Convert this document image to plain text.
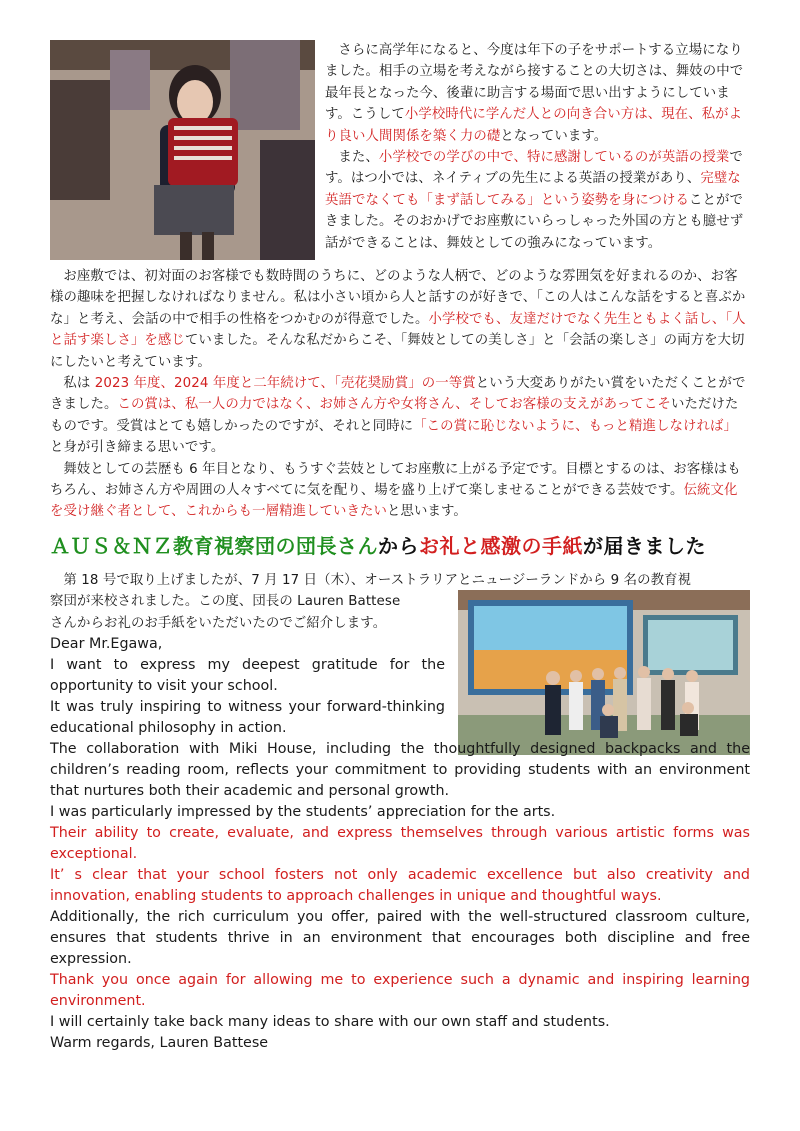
さらに高学年になると、今度は年下の子をサポートする立場になりました。相手の立場を考えながら接することの大切さは、舞妓の中で最年長となった今、後輩に助言する場面で思い出すようにしています。こうして小学校時代に学んだ人との向き合い方は、現在、私がより良い人間関係を築く力の礎となっています。

また、小学校での学びの中で、特に感謝しているのが英語の授業です。はつ小では、ネイティブの先生による英語の授業があり、完璧な英語でなくても「まず話してみる」という姿勢を身につけることができました。そのおかげでお座敷にいらっしゃった外国の方とも臆せず話ができることは、舞妓としての強みになっています。

お座敷では、初対面のお客様でも数時間のうちに、どのような人柄で、どのような雰囲気を好まれるのか、お客様の趣味を把握しなければなりません。私は小さい頃から人と話すのが好きで、「この人はこんな話をすると喜ぶかな」と考え、会話の中で相手の性格をつかむのが得意でした。小学校でも、友達だけでなく先生ともよく話し、「人と話す楽しさ」を感じていました。そんな私だからこそ、「舞妓としての美しさ」と「会話の楽しさ」の両方を大切にしたいと考えています。

私は 2023 年度、2024 年度と二年続けて、「売花奨励賞」の一等賞という大変ありがたい賞をいただくことができました。この賞は、私一人の力ではなく、お姉さん方や女将さん、そしてお客様の支えがあってこそいただけたものです。受賞はとても嬉しかったのですが、それと同時に「この賞に恥じないように、もっと精進しなければ」と身が引き締まる思いです。

舞妓としての芸歴も 6 年目となり、もうすぐ芸妓としてお座敷に上がる予定です。目標とするのは、お客様はもちろん、お姉さん方や周囲の人々すべてに気を配り、場を盛り上げて楽しませることができる芸妓です。伝統文化を受け継ぐ者として、これからも一層精進していきたいと思います。

ＡＵＳ＆ＮＺ教育視察団の団長さんからお礼と感激の手紙が届きました

第 18 号で取り上げましたが、7 月 17 日（木）、オーストラリアとニュージーランドから 9 名の教育視

察団が来校されました。この度、団長の Lauren Battese

さんからお礼のお手紙をいただいたのでご紹介します。

Dear Mr.Egawa,

I want to express my deepest gratitude for the opportunity to visit your school.

It was truly inspiring to witness your forward-thinking educational philosophy in action.

The collaboration with Miki House, including the thoughtfully designed backpacks and the children’s reading room, reflects your commitment to providing students with an environment that nurtures both their academic and personal growth.

I was particularly impressed by the students’ appreciation for the arts.

Their ability to create, evaluate, and express themselves through various artistic forms was exceptional.

It’ s clear that your school fosters not only academic excellence but also creativity and innovation, enabling students to approach challenges in unique and thoughtful ways.

Additionally, the rich curriculum you offer, paired with the well-structured classroom culture, ensures that students thrive in an environment that encourages both discipline and free expression.

Thank you once again for allowing me to experience such a dynamic and inspiring learning environment.

I will certainly take back many ideas to share with our own staff and students.

Warm regards, Lauren Battese
